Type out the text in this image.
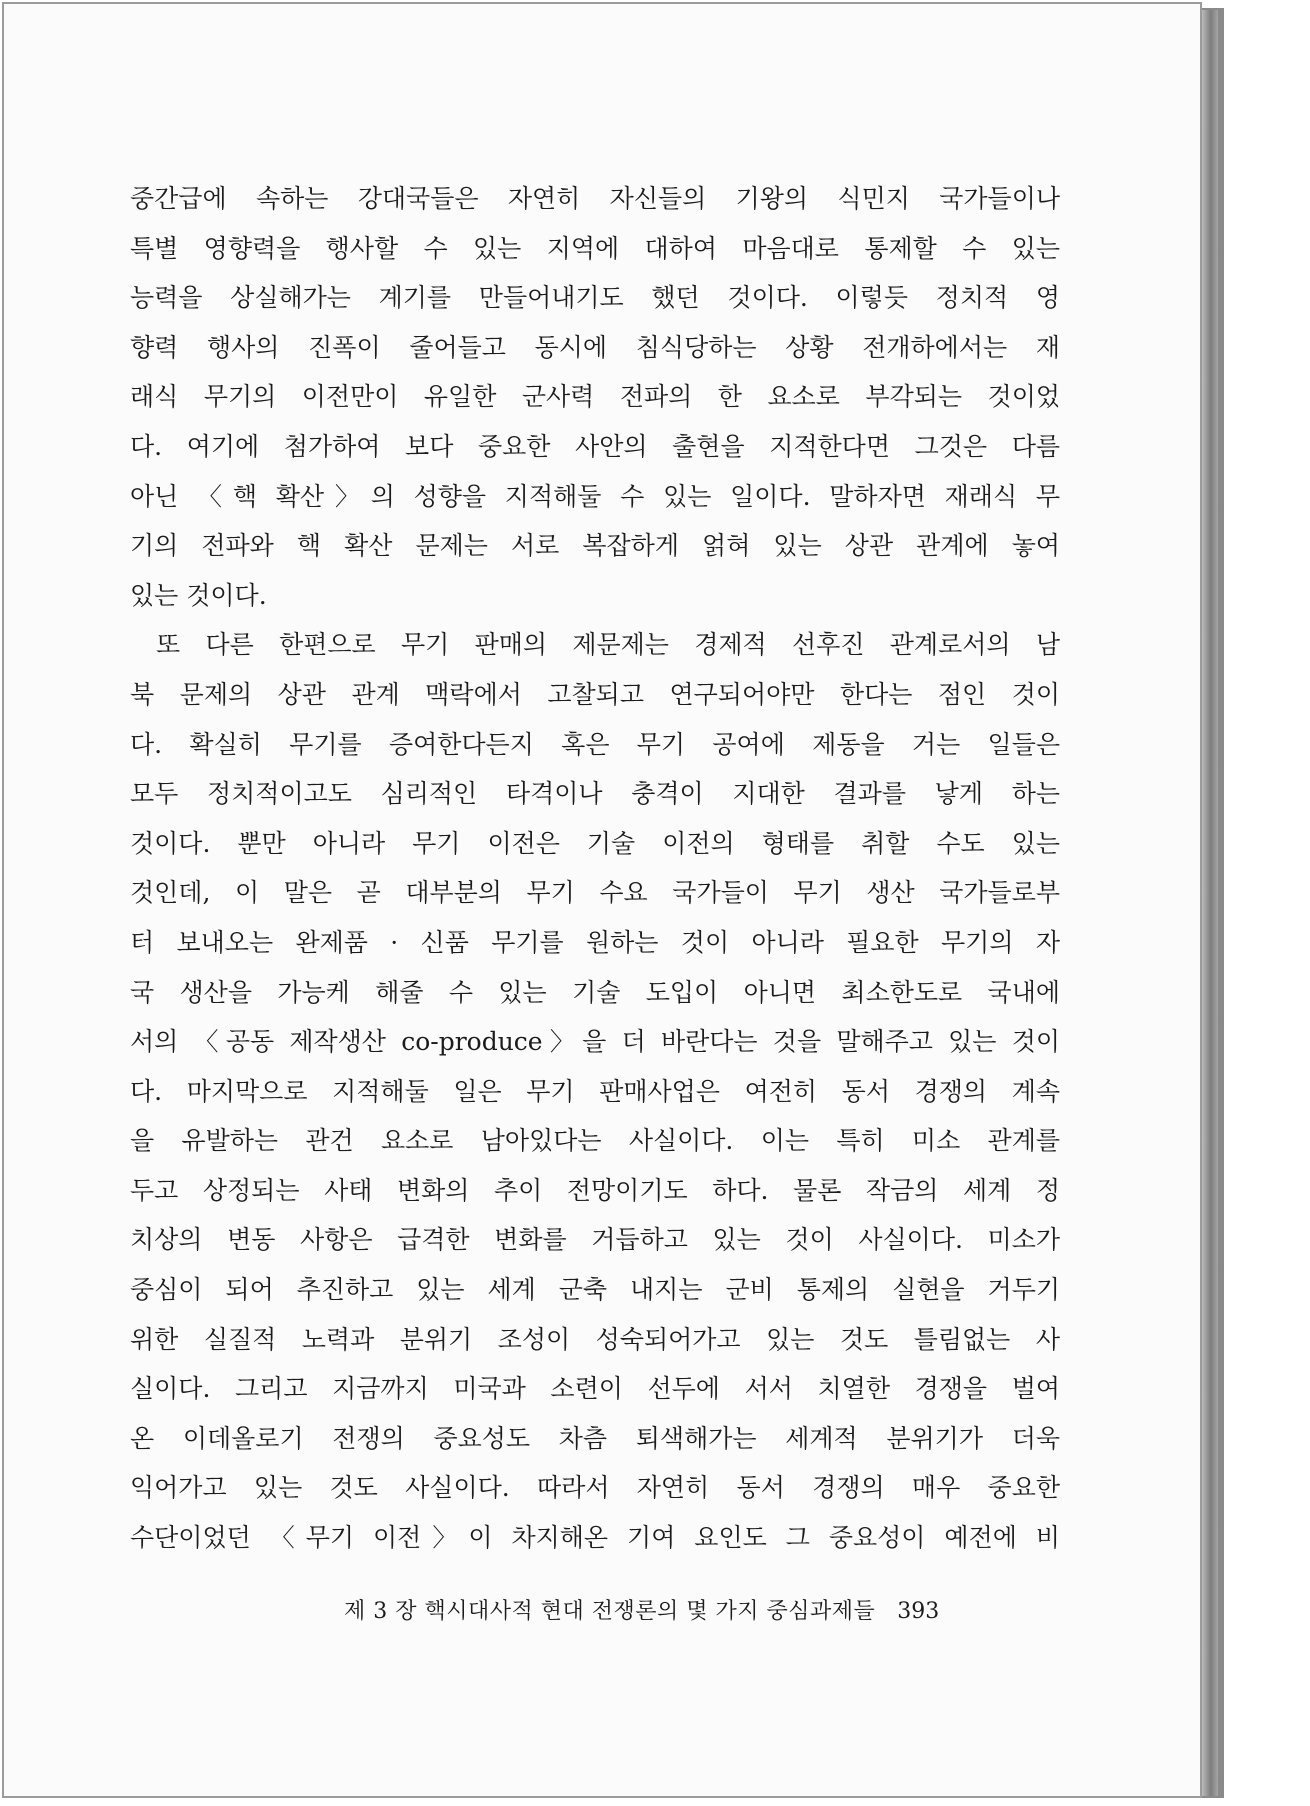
중간급에 속하는 강대국들은 자연히 자신들의 기왕의 식민지 국가들이나
특별 영향력을 행사할 수 있는 지역에 대하여 마음대로 통제할 수 있는
능력을 상실해가는 계기를 만들어내기도 했던 것이다. 이렇듯 정치적 영
향력 행사의 진폭이 줄어들고 동시에 침식당하는 상황 전개하에서는 재
래식 무기의 이전만이 유일한 군사력 전파의 한 요소로 부각되는 것이었
다. 여기에 첨가하여 보다 중요한 사안의 출현을 지적한다면 그것은 다름
아닌 〈핵 확산〉의 성향을 지적해둘 수 있는 일이다. 말하자면 재래식 무
기의 전파와 핵 확산 문제는 서로 복잡하게 얽혀 있는 상관 관계에 놓여
있는 것이다.
또 다른 한편으로 무기 판매의 제문제는 경제적 선후진 관계로서의 남
북 문제의 상관 관계 맥락에서 고찰되고 연구되어야만 한다는 점인 것이
다. 확실히 무기를 증여한다든지 혹은 무기 공여에 제동을 거는 일들은
모두 정치적이고도 심리적인 타격이나 충격이 지대한 결과를 낳게 하는
것이다. 뿐만 아니라 무기 이전은 기술 이전의 형태를 취할 수도 있는
것인데, 이 말은 곧 대부분의 무기 수요 국가들이 무기 생산 국가들로부
터 보내오는 완제품 · 신품 무기를 원하는 것이 아니라 필요한 무기의 자
국 생산을 가능케 해줄 수 있는 기술 도입이 아니면 최소한도로 국내에
서의 〈공동 제작생산 co-produce〉을 더 바란다는 것을 말해주고 있는 것이
다. 마지막으로 지적해둘 일은 무기 판매사업은 여전히 동서 경쟁의 계속
을 유발하는 관건 요소로 남아있다는 사실이다. 이는 특히 미소 관계를
두고 상정되는 사태 변화의 추이 전망이기도 하다. 물론 작금의 세계 정
치상의 변동 사항은 급격한 변화를 거듭하고 있는 것이 사실이다. 미소가
중심이 되어 추진하고 있는 세계 군축 내지는 군비 통제의 실현을 거두기
위한 실질적 노력과 분위기 조성이 성숙되어가고 있는 것도 틀림없는 사
실이다. 그리고 지금까지 미국과 소련이 선두에 서서 치열한 경쟁을 벌여
온 이데올로기 전쟁의 중요성도 차츰 퇴색해가는 세계적 분위기가 더욱
익어가고 있는 것도 사실이다. 따라서 자연히 동서 경쟁의 매우 중요한
수단이었던 〈무기 이전〉이 차지해온 기여 요인도 그 중요성이 예전에 비
제 3 장 핵시대사적 현대 전쟁론의 몇 가지 중심과제들 393
